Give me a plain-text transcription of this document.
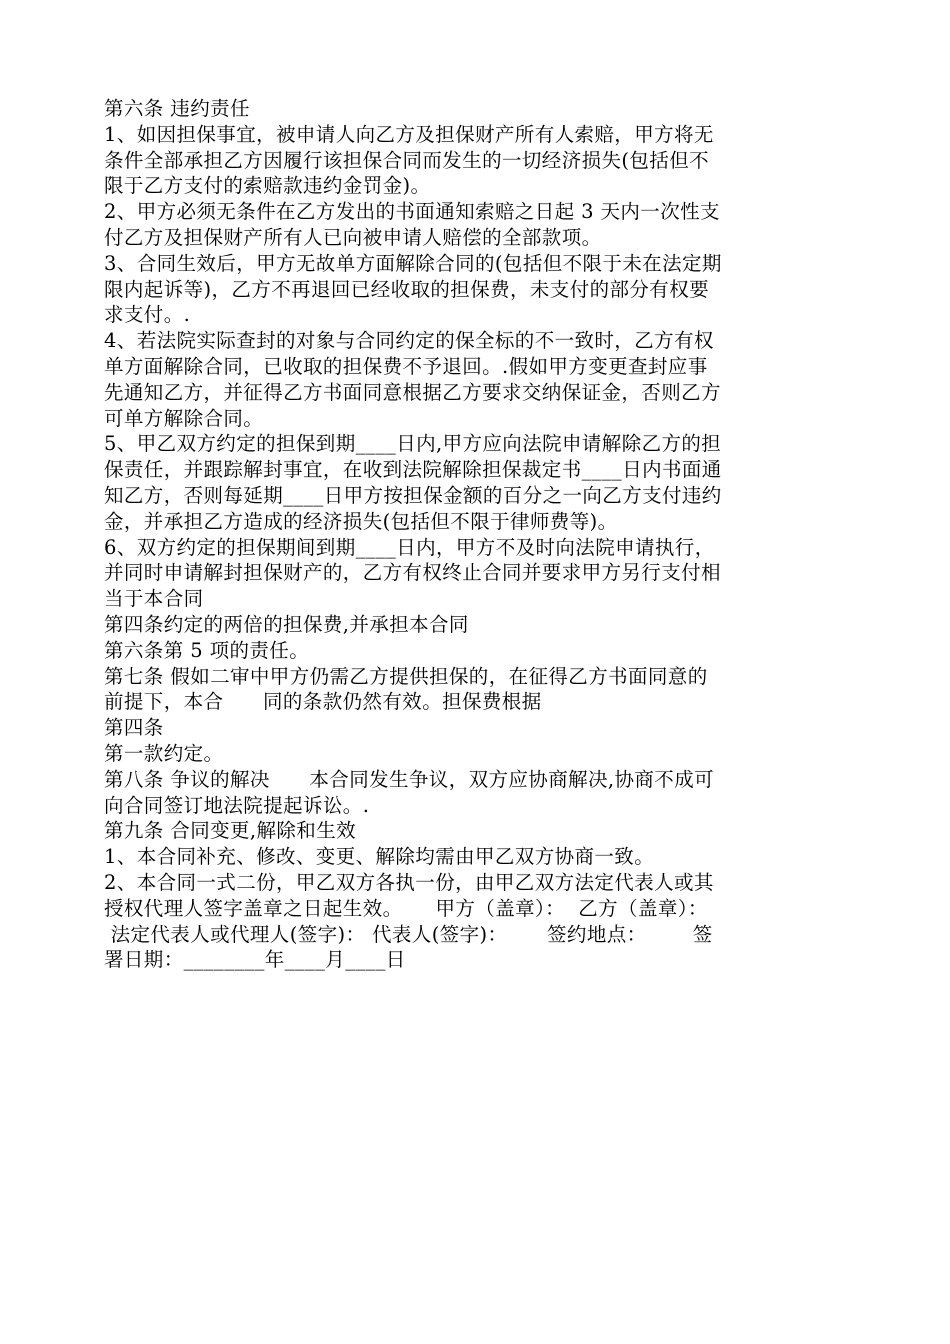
第六条 违约责任
1、如因担保事宜，被申请人向乙方及担保财产所有人索赔，甲方将无
条件全部承担乙方因履行该担保合同而发生的一切经济损失(包括但不
限于乙方支付的索赔款违约金罚金)。
2、甲方必须无条件在乙方发出的书面通知索赔之日起 3 天内一次性支
付乙方及担保财产所有人已向被申请人赔偿的全部款项。
3、合同生效后，甲方无故单方面解除合同的(包括但不限于未在法定期
限内起诉等)，乙方不再退回已经收取的担保费，未支付的部分有权要
求支付。.
4、若法院实际查封的对象与合同约定的保全标的不一致时，乙方有权
单方面解除合同，已收取的担保费不予退回。.假如甲方变更查封应事
先通知乙方，并征得乙方书面同意根据乙方要求交纳保证金，否则乙方
可单方解除合同。
5、甲乙双方约定的担保到期____日内,甲方应向法院申请解除乙方的担
保责任，并跟踪解封事宜，在收到法院解除担保裁定书____日内书面通
知乙方，否则每延期____日甲方按担保金额的百分之一向乙方支付违约
金，并承担乙方造成的经济损失(包括但不限于律师费等)。
6、双方约定的担保期间到期____日内，甲方不及时向法院申请执行，
并同时申请解封担保财产的，乙方有权终止合同并要求甲方另行支付相
当于本合同
第四条约定的两倍的担保费,并承担本合同
第六条第 5 项的责任。
第七条 假如二审中甲方仍需乙方提供担保的，在征得乙方书面同意的
前提下，本合      同的条款仍然有效。担保费根据
第四条
第一款约定。
第八条 争议的解决      本合同发生争议，双方应协商解决,协商不成可
向合同签订地法院提起诉讼。.
第九条 合同变更,解除和生效
1、本合同补充、修改、变更、解除均需由甲乙双方协商一致。
2、本合同一式二份，甲乙双方各执一份，由甲乙双方法定代表人或其
授权代理人签字盖章之日起生效。     甲方（盖章）：  乙方（盖章）：
法定代表人或代理人(签字)： 代表人(签字)：      签约地点：       签
署日期：________年____月____日
